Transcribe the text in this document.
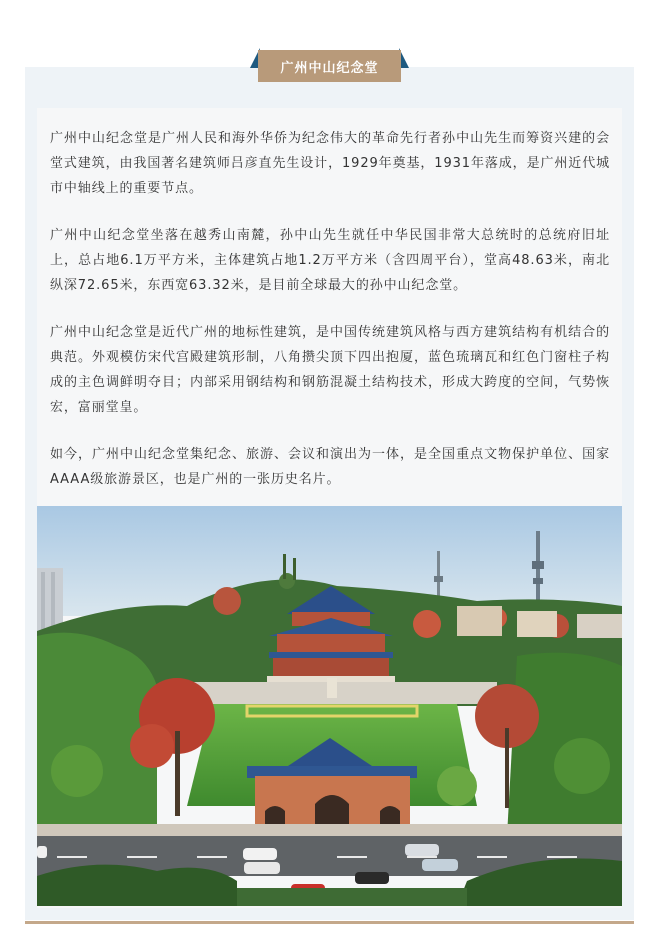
广州中山纪念堂

广州中山纪念堂是广州人民和海外华侨为纪念伟大的革命先行者孙中山先生而筹资兴建的会堂式建筑，由我国著名建筑师吕彦直先生设计，1929年奠基，1931年落成，是广州近代城市中轴线上的重要节点。

广州中山纪念堂坐落在越秀山南麓，孙中山先生就任中华民国非常大总统时的总统府旧址上，总占地6.1万平方米，主体建筑占地1.2万平方米（含四周平台），堂高48.63米，南北纵深72.65米，东西宽63.32米，是目前全球最大的孙中山纪念堂。

广州中山纪念堂是近代广州的地标性建筑，是中国传统建筑风格与西方建筑结构有机结合的典范。外观模仿宋代宫殿建筑形制，八角攒尖顶下四出抱厦，蓝色琉璃瓦和红色门窗柱子构成的主色调鲜明夺目；内部采用钢结构和钢筋混凝土结构技术，形成大跨度的空间，气势恢宏，富丽堂皇。

如今，广州中山纪念堂集纪念、旅游、会议和演出为一体，是全国重点文物保护单位、国家AAAA级旅游景区，也是广州的一张历史名片。
